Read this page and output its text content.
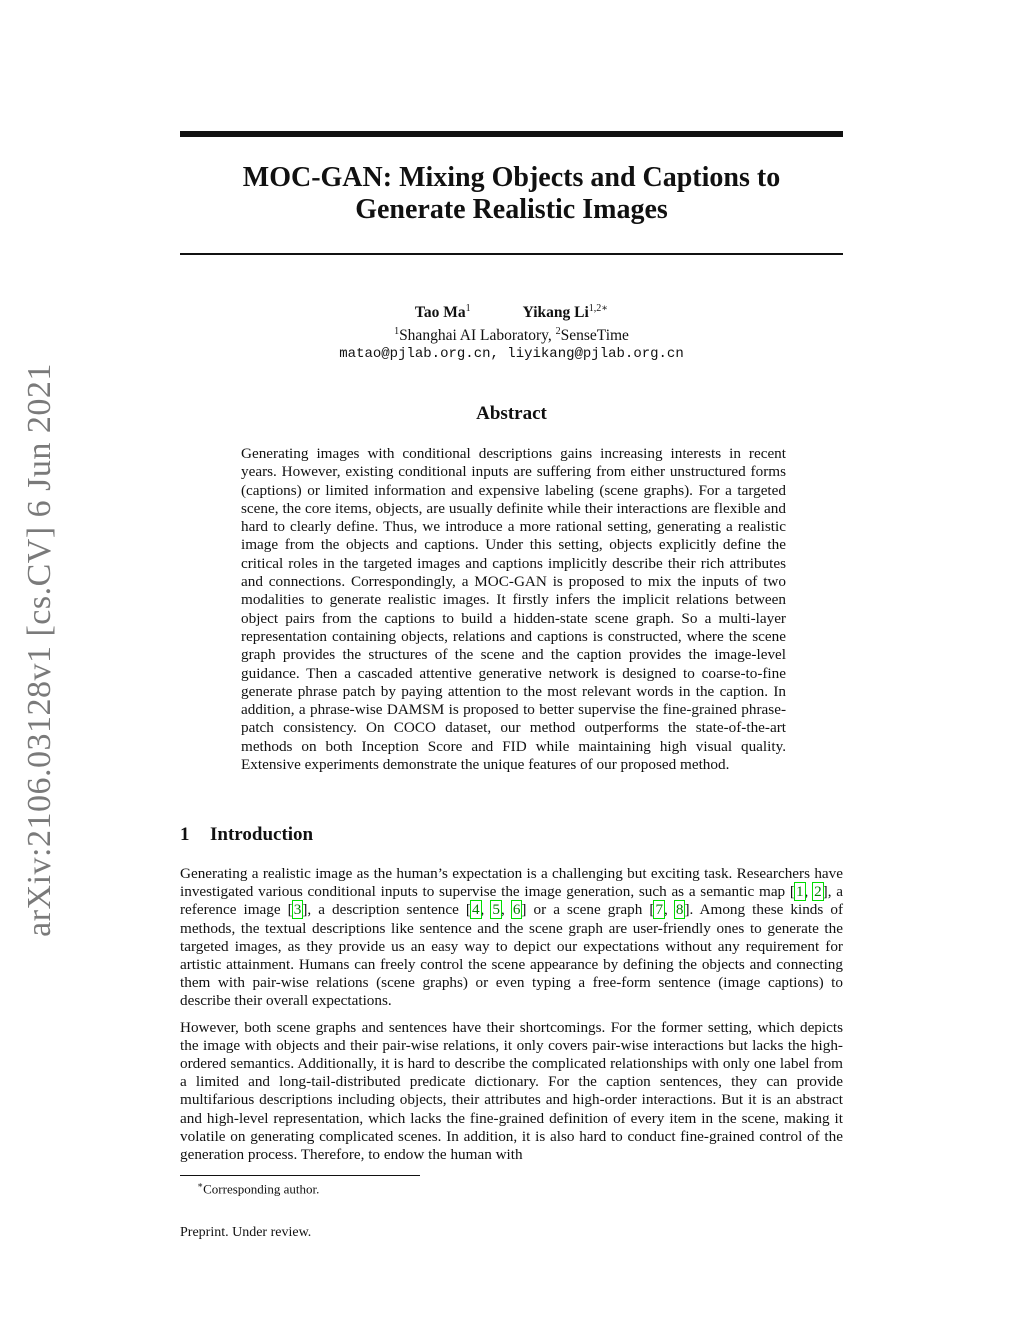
arXiv:2106.03128v1 [cs.CV] 6 Jun 2021
MOC-GAN: Mixing Objects and Captions to
Generate Realistic Images
Tao Ma$^1$	Yikang $Li^{1,2∗}$
$^1$Shanghai AI Laboratory, $^2$SenseTime
matao@pjlab.org.cn, liyikang@pjlab.org.cn
Abstract
Generating images with conditional descriptions gains increasing interests in recent years. However, existing conditional inputs are suffering from either unstructured forms (captions) or limited information and expensive labeling (scene graphs). For a targeted scene, the core items, objects, are usually definite while their interactions are flexible and hard to clearly define. Thus, we introduce a more rational setting, generating a realistic image from the objects and captions. Under this setting, objects explicitly define the critical roles in the targeted images and captions implicitly describe their rich attributes and connections. Correspondingly, a MOC-GAN is proposed to mix the inputs of two modalities to generate realistic images. It firstly infers the implicit relations between object pairs from the captions to build a hidden-state scene graph. So a multi-layer representation containing objects, relations and captions is constructed, where the scene graph provides the structures of the scene and the caption provides the image-level guidance. Then a cascaded attentive generative network is designed to coarse-to-fine generate phrase patch by paying attention to the most relevant words in the caption. In addition, a phrase-wise DAMSM is proposed to better supervise the fine-grained phrase-patch consistency. On COCO dataset, our method outperforms the state-of-the-art methods on both Inception Score and FID while maintaining high visual quality. Extensive experiments demonstrate the unique features of our proposed method.
1 Introduction

Generating a realistic image as the human’s expectation is a challenging but exciting task. Researchers have investigated various conditional inputs to supervise the image generation, such as a semantic map [1, 2], a reference image [3], a description sentence [4, 5, 6] or a scene graph [7, 8]. Among these kinds of methods, the textual descriptions like sentence and the scene graph are user-friendly ones to generate the targeted images, as they provide us an easy way to depict our expectations without any requirement for artistic attainment. Humans can freely control the scene appearance by defining the objects and connecting them with pair-wise relations (scene graphs) or even typing a free-form sentence (image captions) to describe their overall expectations.

However, both scene graphs and sentences have their shortcomings. For the former setting, which depicts the image with objects and their pair-wise relations, it only covers pair-wise interactions but lacks the high-ordered semantics. Additionally, it is hard to describe the complicated relationships with only one label from a limited and long-tail-distributed predicate dictionary. For the caption sentences, they can provide multifarious descriptions including objects, their attributes and high-order interactions. But it is an abstract and high-level representation, which lacks the fine-grained definition of every item in the scene, making it volatile on generating complicated scenes. In addition, it is also hard to conduct fine-grained control of the generation process. Therefore, to endow the human with

∗Corresponding author.
Preprint. Under review.
